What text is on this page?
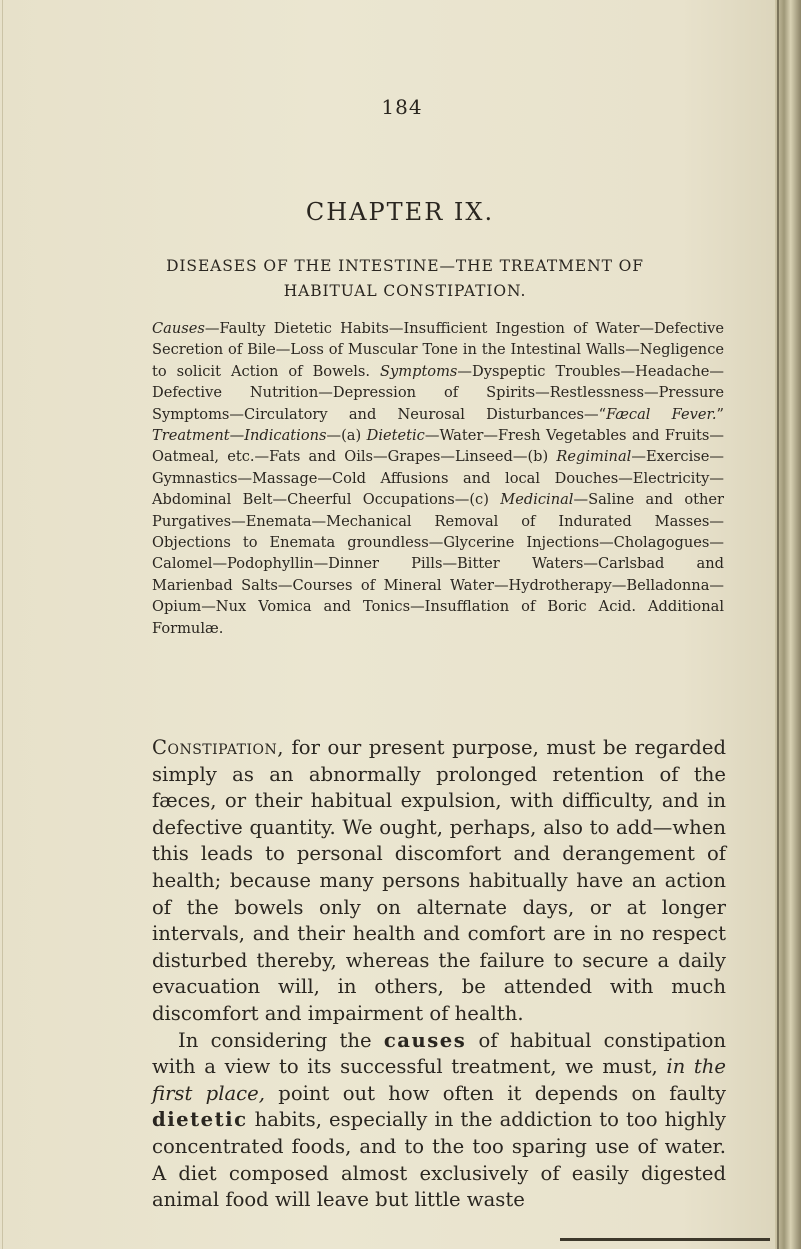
184
CHAPTER IX.
DISEASES OF THE INTESTINE—THE TREATMENT OF
HABITUAL CONSTIPATION.
Causes—Faulty Dietetic Habits—Insufficient Ingestion of Water—Defective Secretion of Bile—Loss of Muscular Tone in the Intestinal Walls—Negligence to solicit Action of Bowels. Symptoms—Dyspeptic Troubles—Headache—Defective Nutrition—Depression of Spirits—Restlessness—Pressure Symptoms—Circulatory and Neurosal Disturbances—“Fæcal Fever.” Treatment—Indications—(a) Dietetic—Water—Fresh Vegetables and Fruits—Oatmeal, etc.—Fats and Oils—Grapes—Linseed—(b) Regiminal—Exercise—Gymnastics—Massage—Cold Affusions and local Douches—Electricity—Abdominal Belt—Cheerful Occupations—(c) Medicinal—Saline and other Purgatives—Enemata—Mechanical Removal of Indurated Masses—Objections to Enemata groundless—Glycerine Injections—Cholagogues—Calomel—Podophyllin—Dinner Pills—Bitter Waters—Carlsbad and Marienbad Salts—Courses of Mineral Water—Hydrotherapy—Belladonna—Opium—Nux Vomica and Tonics—Insufflation of Boric Acid. Additional Formulæ.

Constipation, for our present purpose, must be regarded simply as an abnormally prolonged retention of the fæces, or their habitual expulsion, with difficulty, and in defective quantity. We ought, perhaps, also to add—when this leads to personal discomfort and derangement of health; because many persons habitually have an action of the bowels only on alternate days, or at longer intervals, and their health and comfort are in no respect disturbed thereby, whereas the failure to secure a daily evacuation will, in others, be attended with much discomfort and impairment of health.

In considering the causes of habitual constipation with a view to its successful treatment, we must, in the first place, point out how often it depends on faulty dietetic habits, especially in the addiction to too highly concentrated foods, and to the too sparing use of water. A diet composed almost exclusively of easily digested animal food will leave but little waste
